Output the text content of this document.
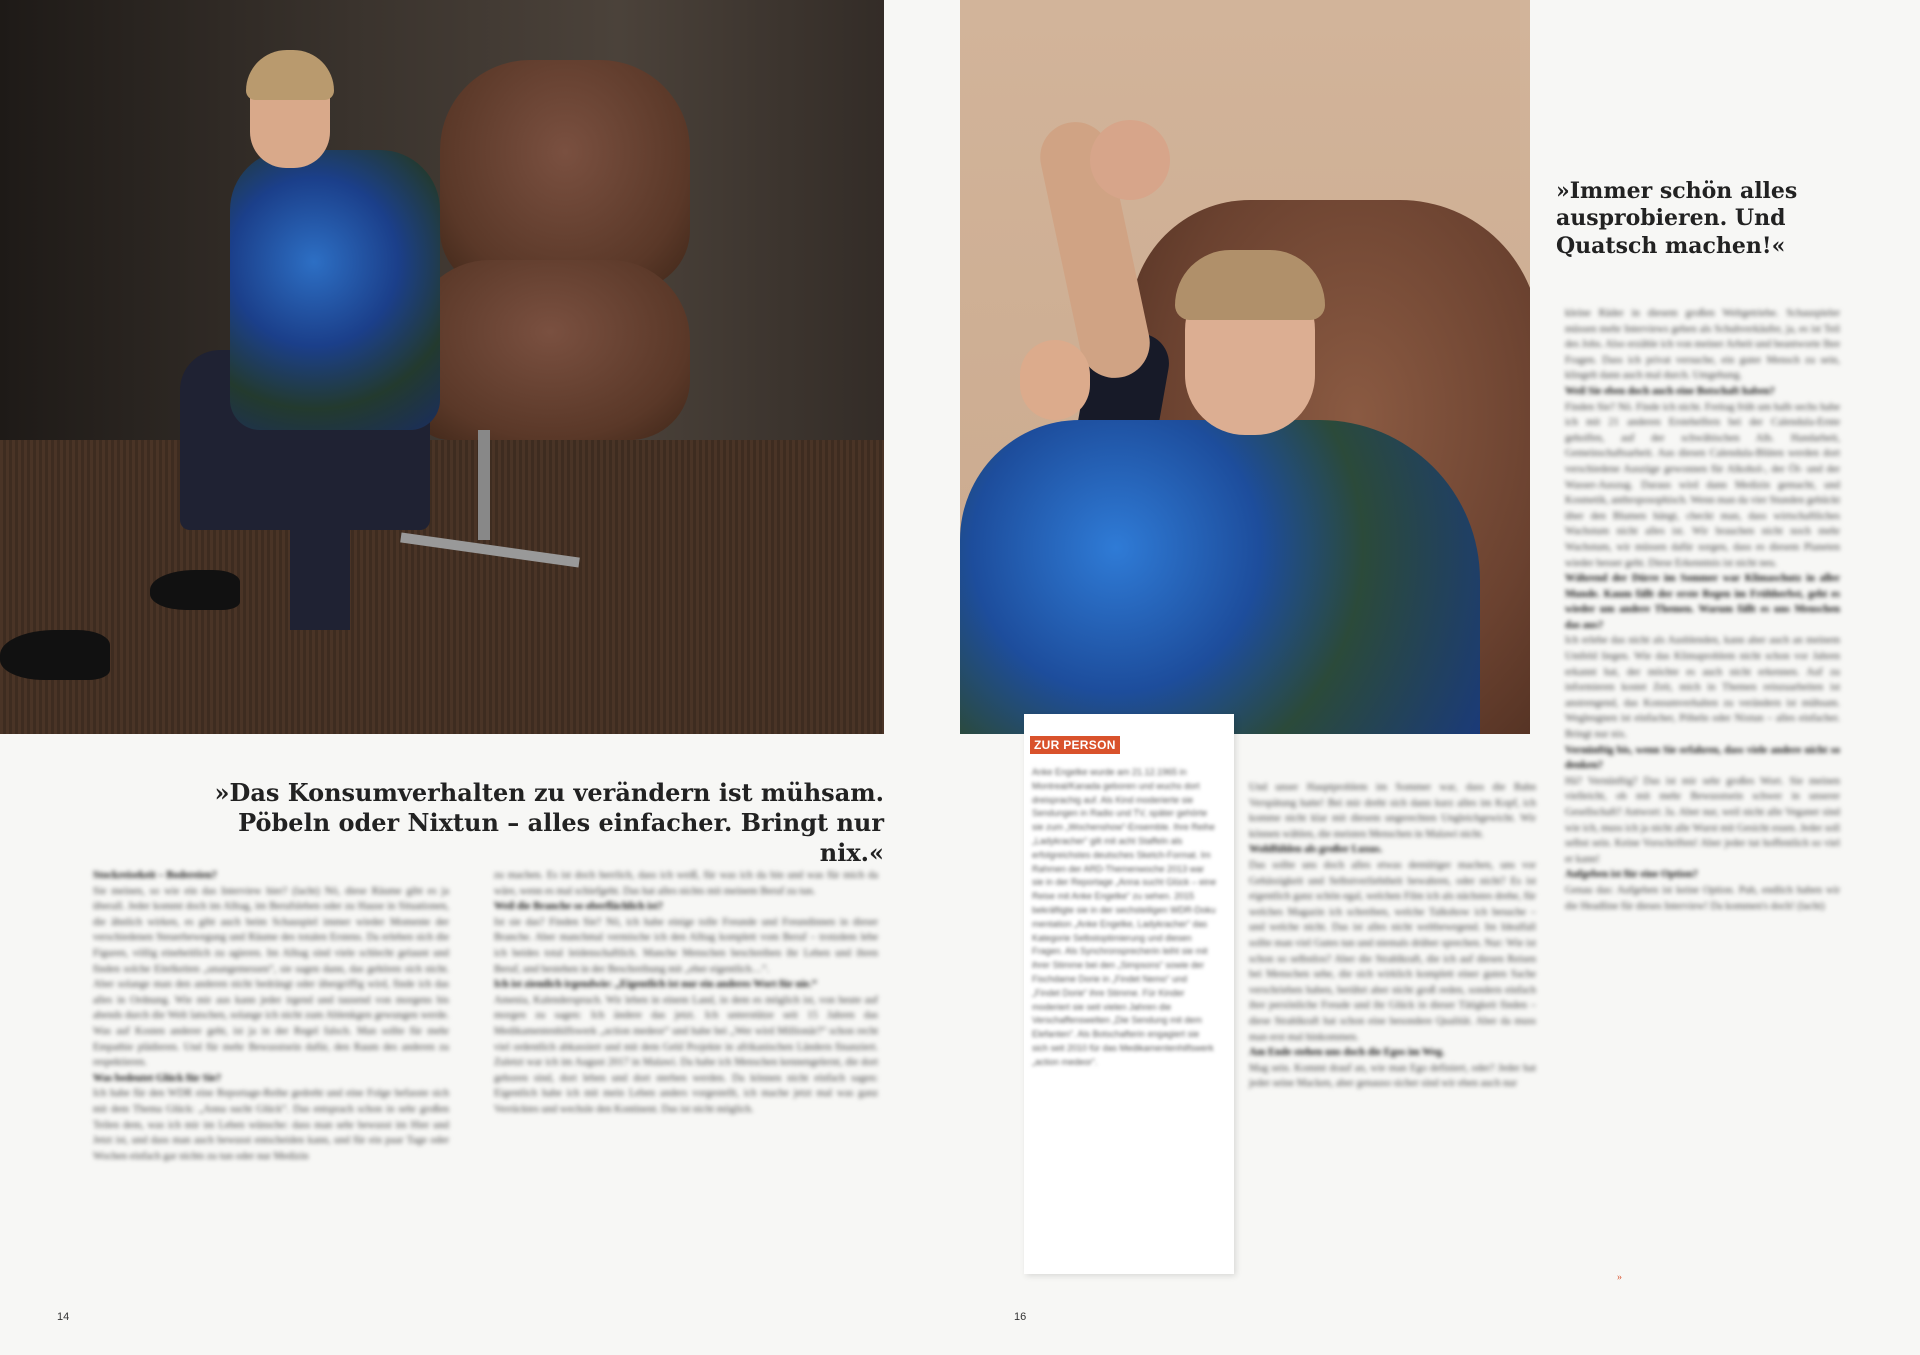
»Das Konsumverhalten zu verändern ist mühsam.
Pöbeln oder Nixtun – alles einfacher. Bringt nur nix.«

Stockreisekeit – Bodereien?

Sie meinen, so wie ein das Interview hier? (lacht) Nö, diese Räume gibt es ja überall. Jeder kommt doch im Alltag, im Berufsleben oder zu Hause in Situationen, die ähnlich wirken, es gibt auch beim Schauspiel immer wieder Momente der verschiedenen Steuerbewegung und Räume des totalen Erstens. Da erleben sich die Figuren, völlig eineheitlich zu agieren. Im Alltag sind viele schlecht gelaunt und finden solche Eitelkeiten „unangemessen“, sie sagen dann, das gehören sich nicht. Aber solange man den anderen nicht bedrängt oder übergriffig wird, finde ich das alles in Ordnung. Wie mir aus kann jeder irgend und tausend von morgens bis abends durch die Welt latschen, solange ich nicht zum Ablenkgen gewungen werde. Was auf Kosten anderer geht, ist ja in der Regel falsch. Man sollte für mehr Empathie plädieren. Und für mehr Bewusstsein dafür, den Raum des anderen zu respektieren.

Was bedeutet Glück für Sie?

Ich habe für den WDR eine Reportage-Reihe gedreht und eine Folge befasste sich mit dem Thema Glück: „Anna sucht Glück“. Das entsprach schon in sehr großen Teilen dem, was ich mir im Leben wünsche: dass man sehr bewusst im Hier und Jetzt ist, und dass man auch bewusst entscheiden kann, und für ein paar Tage oder Wochen einfach gar nichts zu tun oder nur Medizin

zu machen. Es ist doch herrlich, dass ich weiß, für was ich da bin und was für mich da wäre, wenn es mal schiefgeht. Das hat alles nichts mit meinem Beruf zu tun.

Weil die Branche so oberflächlich ist?

Ist sie das? Finden Sie? Nö, ich habe einige tolle Freunde und Freundinnen in dieser Branche. Aber manchmal vermische ich den Alltag komplett vom Beruf – trotzdem lebe ich beides total leidenschaftlich. Manche Menschen beschreiben ihr Leben und ihren Beruf, und bestehen in der Beschreibung mit „eher eigentlich…“.

Ich ist ziemlich irgendwie: „Eigentlich ist nur ein anderes Wort für nie.“

Amenia, Kalenderspruch. Wir leben in einem Land, in dem es möglich ist, von heute auf morgen zu sagen: Ich ändere das jetzt. Ich unterstütze seit 15 Jahren das Medikamentenhilfswerk „action medeor“ und habe bei „Wer wird Millionär?“ schon recht viel ordentlich abkassiert und mit dem Geld Projekte in afrikanischen Ländern finanziert. Zuletzt war ich im August 2017 in Malawi. Da habe ich Menschen kennengelernt, die dort geboren sind, dort leben und dort sterben werden. Da können nicht einfach sagen: Eigentlich habe ich mit mein Leben anders vorgestellt, ich mache jetzt mal was ganz Verrücktes und wechsle den Kontinent. Das ist nicht möglich.

14
»Immer schön alles
ausprobieren. Und
Quatsch machen!«
ZUR PERSON
Anke Engelke wurde am 21.12.1965 in Montreal/Kanada geboren und wuchs dort dreisprachig auf. Als Kind moderierte sie Sendungen in Radio und TV, später gehörte sie zum „Wochenshow“-Ensemble. Ihre Reihe „Ladykracher“ gilt mit acht Staffeln als erfolgreichstes deutsches Sketch-Format. Im Rahmen der ARD-Themenwoche 2013 war sie in der Reportage „Anna sucht Glück – eine Reise mit Anke Engelke“ zu sehen. 2015 bekräftigte sie in der sechsteiligen WDR-Doku mentation „Anke Engelke, Ladykracher“ das Kategorie Selbstoptimierung und diesen Fragen. Als Synchronsprecherin leiht sie mit ihrer Stimme bei den „Simpsons“ sowie der Fischdame Dorie in „Findet Nemo“ und „Findet Dorie“ ihre Stimme. Für Kinder moderiert sie seit vielen Jahren die Verschaffenswelten „Die Sendung mit dem Elefanten“. Als Botschafterin engagiert sie sich seit 2010 für das Medikamentenhilfswerk „action medeor“.

Und unser Hauptproblem im Sommer war, dass die Bahn Verspätung hatte! Bei mir dreht sich dann kurz alles im Kopf, ich komme nicht klar mit diesem ungerechten Ungleichgewicht. Wir können wählen, die meisten Menschen in Malawi nicht.

Wohlfühlen als großer Luxus.

Das sollte uns doch alles etwas demütiger machen, uns vor Gehässigkeit und Selbstverliebtheit bewahren, oder nicht? Es ist eigentlich ganz schön egal, welchen Film ich als nächstes drehe, für welches Magazin ich schreiben, welche Talkshow ich besuche – und welche nicht. Das ist alles nicht weltbewegend. Im Idealfall sollte man viel Gutes tun und niemals drüber sprechen. Nur: Wie ist schon so selbstlos? Aber die Strahlkraft, die ich auf diesen Reisen bei Menschen sehe, die sich wirklich komplett einer guten Sache verschrieben haben, berührt aber nicht groß reden, sondern einfach ihre persönliche Freude und ihr Glück in dieser Tätigkeit finden – diese Strahlkraft hat schon eine besondere Qualität. Aber da muss man erst mal hinkommen.

Am Ende stehen uns doch die Egos im Weg.

Mag sein. Kommt drauf an, wie man Ego definiert, oder? Jeder hat jeder seine Macken, aber genauso sicher sind wir eben auch nur

kleine Räder in diesem großen Weltgetriebe. Schauspieler müssen mehr Interviews geben als Schuhverkäufer, ja, es ist Teil des Jobs. Also erzähle ich von meiner Arbeit und beantworte Ihre Fragen. Dass ich privat versuche, ein guter Mensch zu sein, klingelt dann auch mal durch. Umgehung.

Weil Sie eben doch auch eine Botschaft haben?

Finden Sie? Nö. Finde ich nicht. Freitag früh um halb sechs habe ich mit 21 anderen Erstehelfern bei der Calendula-Ernte geholfen, auf der schwäbischen Alb. Handarbeit, Gemeinschaftsarbeit. Aus diesen Calendula-Blüten werden dort verschiedene Auszüge gewonnen für Alkohol-, der Öl- und der Wasser-Auszug. Daraus wird dann Medizin gemacht, und Kosmetik, anthroposophisch. Wenn man da vier Stunden gebückt über den Blumen hängt, checkt man, dass wirtschaftliches Wachstum nicht alles ist. Wir brauchen nicht noch mehr Wachstum, wir müssen dafür sorgen, dass es diesem Planeten wieder besser geht. Diese Erkenntnis ist nicht neu.

Während der Dürre im Sommer war Klimaschutz in aller Munde. Kaum fällt der erste Regen im Frühherbst, geht es wieder um andere Themen. Warum fällt es uns Menschen das aus?

Ich erlebe das nicht als Ausblenden, kann aber auch an meinem Umfeld liegen. Wie das Klimaproblem nicht schon vor Jahren erkannt hat, der möchte es auch nicht erkennen. Auf zu informieren kostet Zeit, mich in Themen reinzuarbeiten ist anstrengend, das Konsumverhalten zu verändern ist mühsam. Wegleugnen ist einfacher, Pöbeln oder Nixtun – alles einfacher. Bringt nur nix.

Vernünftig bis, wenn Sie erfahren, dass viele andere nicht so denken?

Hä? Vernünftig? Das ist mir sehr großes Wort. Sie meinen vielleicht, ob mit mehr Bewusstsein schwer in unserer Gesellschaft? Antwort: Ja. Aber nur, weil nicht alle Veganer sind wie ich, muss ich ja nicht alle Wurst mit Gesicht essen. Jeder soll selbst sein. Keine Vorschriften! Aber jeder tut hoffentlich so viel er kann!

Aufgeben ist für eine Option?

Genau das: Aufgeben ist keine Option. Puh, endlich haben wir die Headline für dieses Interview! Da kommen's doch! (lacht)

16
»
